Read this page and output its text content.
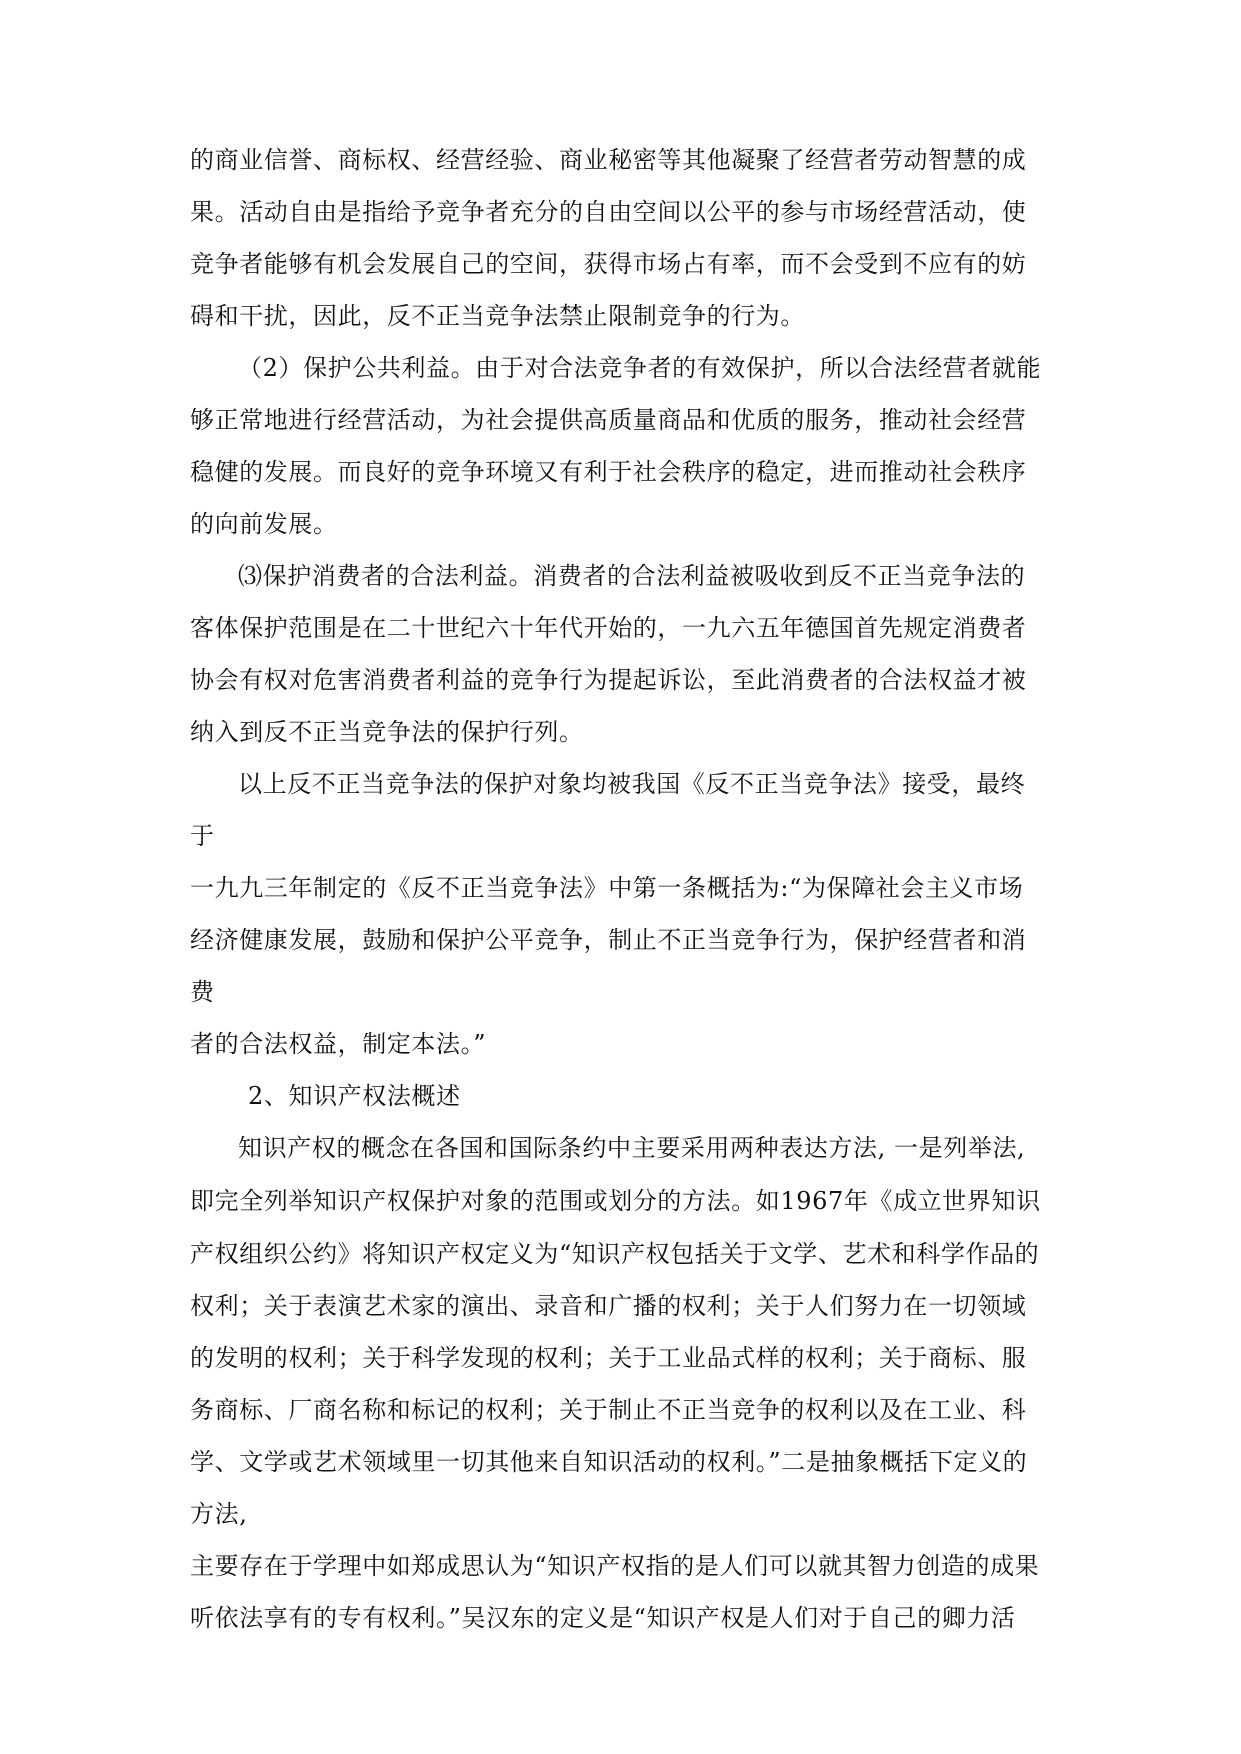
的商业信誉、商标权、经营经验、商业秘密等其他凝聚了经营者劳动智慧的成
果。活动自由是指给予竞争者充分的自由空间以公平的参与市场经营活动，使
竞争者能够有机会发展自己的空间，获得市场占有率，而不会受到不应有的妨
碍和干扰，因此，反不正当竞争法禁止限制竞争的行为。
（2）保护公共利益。由于对合法竞争者的有效保护，所以合法经营者就能
够正常地进行经营活动，为社会提供高质量商品和优质的服务，推动社会经营
稳健的发展。而良好的竞争环境又有利于社会秩序的稳定，进而推动社会秩序
的向前发展。
⑶保护消费者的合法利益。消费者的合法利益被吸收到反不正当竞争法的
客体保护范围是在二十世纪六十年代开始的，一九六五年德国首先规定消费者
协会有权对危害消费者利益的竞争行为提起诉讼，至此消费者的合法权益才被
纳入到反不正当竞争法的保护行列。
以上反不正当竞争法的保护对象均被我国《反不正当竞争法》接受，最终
于
一九九三年制定的《反不正当竞争法》中第一条概括为:“为保障社会主义市场
经济健康发展，鼓励和保护公平竞争，制止不正当竞争行为，保护经营者和消
费
者的合法权益，制定本法。”
2、知识产权法概述
知识产权的概念在各国和国际条约中主要采用两种表达方法, 一是列举法,
即完全列举知识产权保护对象的范围或划分的方法。如1967年《成立世界知识
产权组织公约》将知识产权定义为“知识产权包括关于文学、艺术和科学作品的
权利；关于表演艺术家的演出、录音和广播的权利；关于人们努力在一切领域
的发明的权利；关于科学发现的权利；关于工业品式样的权利；关于商标、服
务商标、厂商名称和标记的权利；关于制止不正当竞争的权利以及在工业、科
学、文学或艺术领域里一切其他来自知识活动的权利。”二是抽象概括下定义的
方法,
主要存在于学理中如郑成思认为“知识产权指的是人们可以就其智力创造的成果
听依法享有的专有权利。”吴汉东的定义是“知识产权是人们对于自己的卿力活
